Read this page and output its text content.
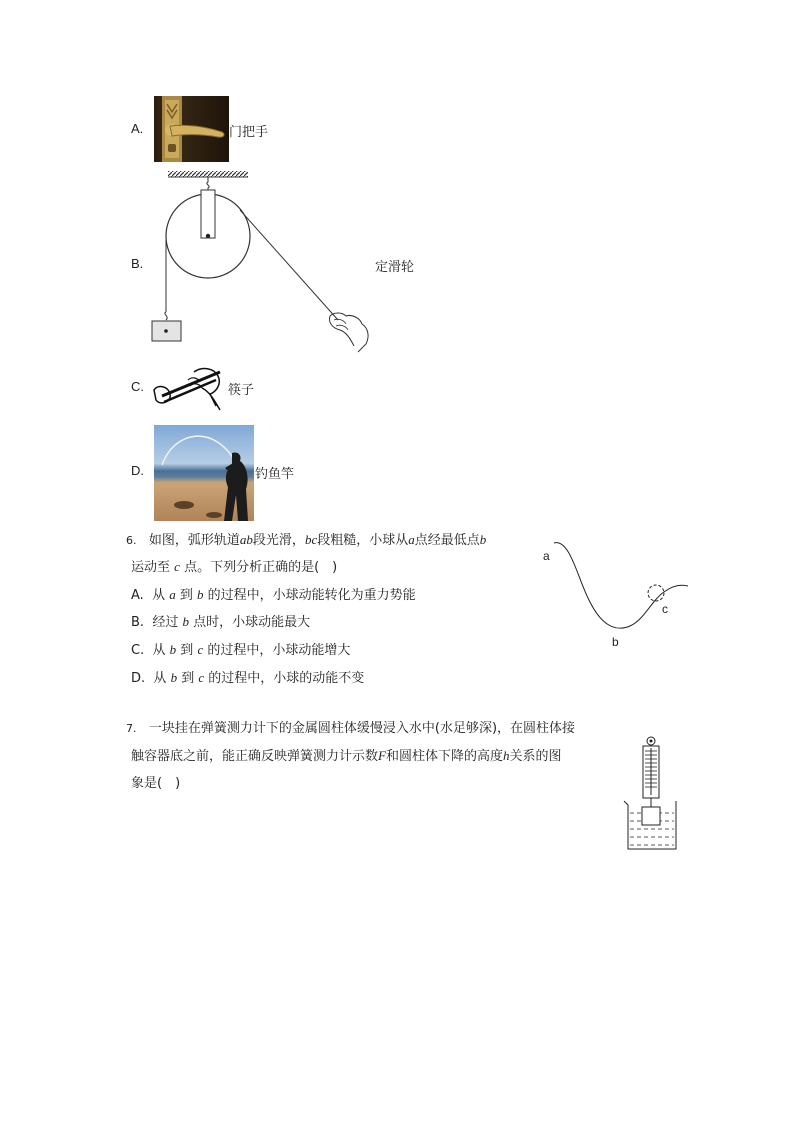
A.	门把手
B.	定滑轮
C.	筷子
D.	钓鱼竿
6. 如图，弧形轨道ab段光滑，bc段粗糙，小球从a点经最低点b
运动至 c 点。下列分析正确的是(　)
A. 从 a 到 b 的过程中，小球动能转化为重力势能
B. 经过 b 点时，小球动能最大
C. 从 b 到 c 的过程中，小球动能增大
D. 从 b 到 c 的过程中，小球的动能不变
a
b
c
7. 一块挂在弹簧测力计下的金属圆柱体缓慢浸入水中(水足够深)，在圆柱体接
触容器底之前，能正确反映弹簧测力计示数F和圆柱体下降的高度h关系的图
象是(　)
